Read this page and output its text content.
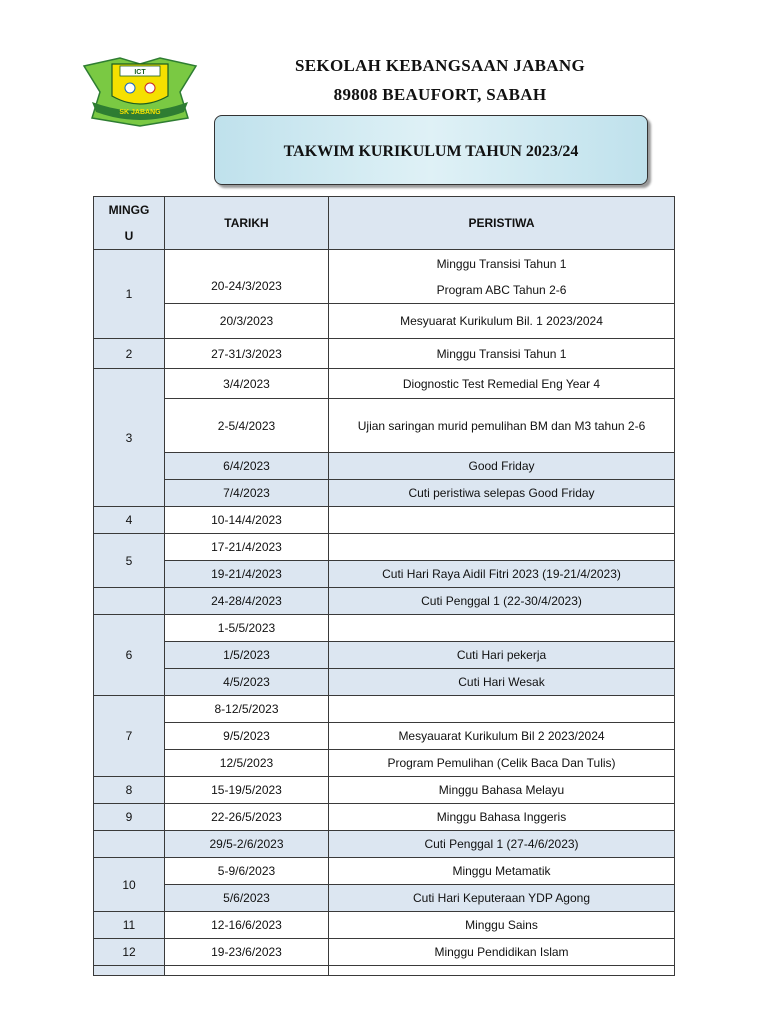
ICT
SK JABANG
SEKOLAH KEBANGSAAN JABANG
89808 BEAUFORT, SABAH
TAKWIM KURIKULUM TAHUN 2023/24
MINGG
U	TARIKH	PERISTIWA
1	20-24/3/2023	Minggu Transisi Tahun 1
Program ABC Tahun 2-6
	20/3/2023	Mesyuarat Kurikulum Bil. 1 2023/2024
2	27-31/3/2023	Minggu Transisi Tahun 1
3	3/4/2023	Diognostic Test Remedial Eng Year 4
	2-5/4/2023	Ujian saringan murid pemulihan BM dan M3 tahun 2-6
	6/4/2023	Good Friday
	7/4/2023	Cuti peristiwa selepas Good Friday
4	10-14/4/2023	
5	17-21/4/2023	
	19-21/4/2023	Cuti Hari Raya Aidil Fitri 2023 (19-21/4/2023)
	24-28/4/2023	Cuti Penggal 1 (22-30/4/2023)
6	1-5/5/2023	
	1/5/2023	Cuti Hari pekerja
	4/5/2023	Cuti Hari Wesak
7	8-12/5/2023	
	9/5/2023	Mesyauarat Kurikulum Bil 2 2023/2024
	12/5/2023	Program Pemulihan (Celik Baca Dan Tulis)
8	15-19/5/2023	Minggu Bahasa Melayu
9	22-26/5/2023	Minggu Bahasa Inggeris
	29/5-2/6/2023	Cuti Penggal 1 (27-4/6/2023)
10	5-9/6/2023	Minggu Metamatik
	5/6/2023	Cuti Hari Keputeraan YDP Agong
11	12-16/6/2023	Minggu Sains
12	19-23/6/2023	Minggu Pendidikan Islam
